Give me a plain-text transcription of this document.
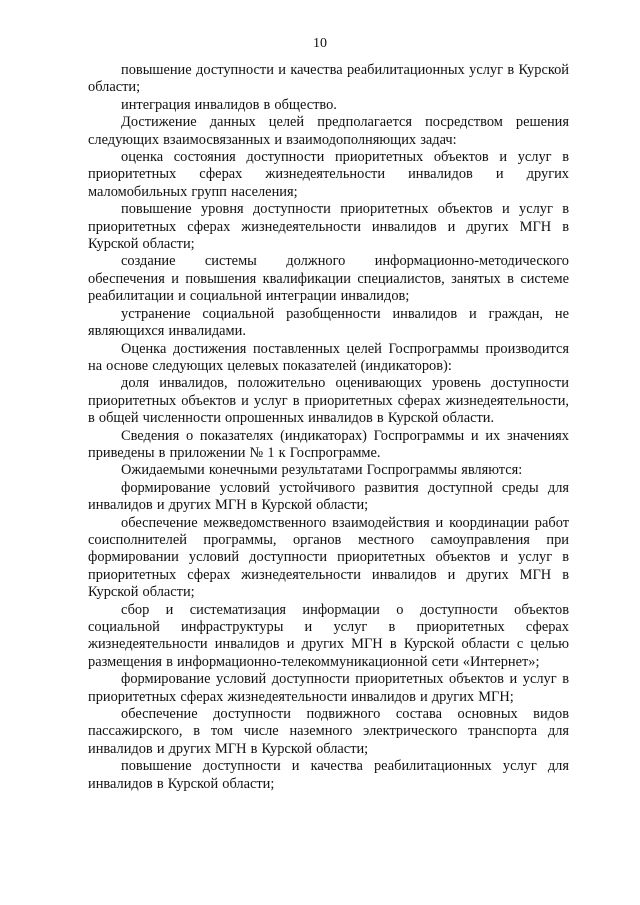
10

повышение доступности и качества реабилитационных услуг в Курской области;

интеграция инвалидов в общество.

Достижение данных целей предполагается посредством решения следующих взаимосвязанных и взаимодополняющих задач:

оценка состояния доступности приоритетных объектов и услуг в приоритетных сферах жизнедеятельности инвалидов и других маломобильных групп населения;

повышение уровня доступности приоритетных объектов и услуг в приоритетных сферах жизнедеятельности инвалидов и других МГН в Курской области;

создание системы должного информационно-методического обеспечения и повышения квалификации специалистов, занятых в системе реабилитации и социальной интеграции инвалидов;

устранение социальной разобщенности инвалидов и граждан, не являющихся инвалидами.

Оценка достижения поставленных целей Госпрограммы производится на основе следующих целевых показателей (индикаторов):

доля инвалидов, положительно оценивающих уровень доступности приоритетных объектов и услуг в приоритетных сферах жизнедеятельности, в общей численности опрошенных инвалидов в Курской области.

Сведения о показателях (индикаторах) Госпрограммы и их значениях приведены в приложении № 1 к Госпрограмме.

Ожидаемыми конечными результатами Госпрограммы являются:

формирование условий устойчивого развития доступной среды для инвалидов и других МГН в Курской области;

обеспечение межведомственного взаимодействия и координации работ соисполнителей программы, органов местного самоуправления при формировании условий доступности приоритетных объектов и услуг в приоритетных сферах жизнедеятельности инвалидов и других МГН в Курской области;

сбор и систематизация информации о доступности объектов социальной инфраструктуры и услуг в приоритетных сферах жизнедеятельности инвалидов и других МГН в Курской области с целью размещения в информационно-телекоммуникационной сети «Интернет»;

формирование условий доступности приоритетных объектов и услуг в приоритетных сферах жизнедеятельности инвалидов и других МГН;

обеспечение доступности подвижного состава основных видов пассажирского, в том числе наземного электрического транспорта для инвалидов и других МГН в Курской области;

повышение доступности и качества реабилитационных услуг для инвалидов в Курской области;
